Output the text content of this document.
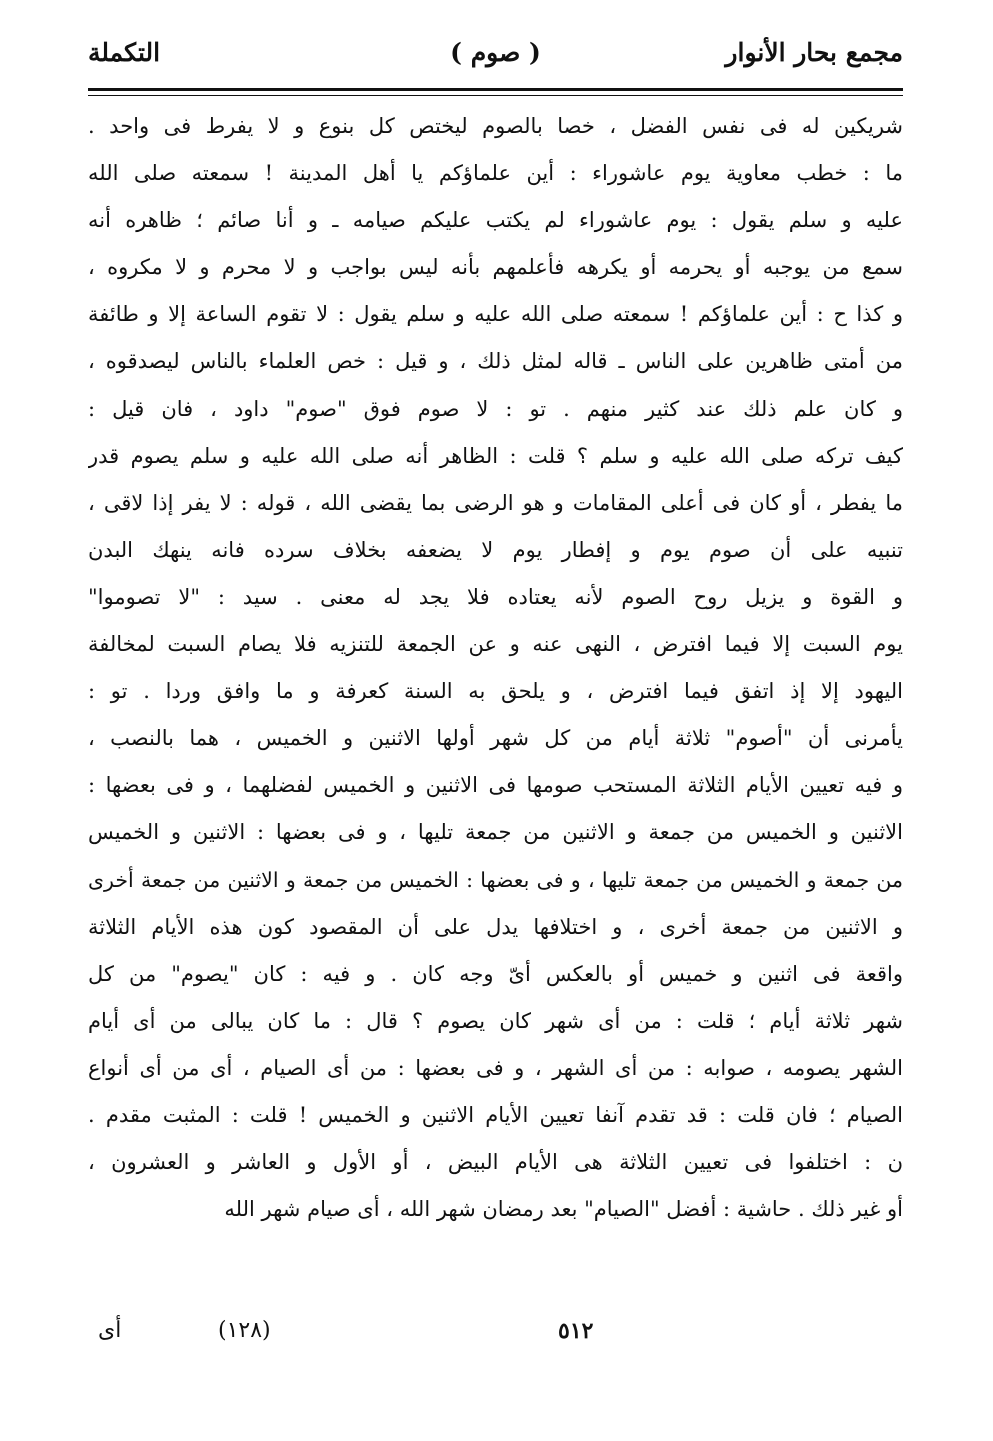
مجمع بحار الأنوار
( صوم )
التكملة
شريكين له فى نفس الفضل ، خصا بالصوم ليختص كل بنوع و لا يفرط فى واحد .
ما : خطب معاوية يوم عاشوراء : أين علماؤكم يا أهل المدينة ! سمعته صلى الله
عليه و سلم يقول : يوم عاشوراء لم يكتب عليكم صيامه ـ و أنا صائم ؛ ظاهره أنه
سمع من يوجبه أو يحرمه أو يكرهه فأعلمهم بأنه ليس بواجب و لا محرم و لا مكروه ،
و كذا ح : أين علماؤكم ! سمعته صلى الله عليه و سلم يقول : لا تقوم الساعة إلا و طائفة
من أمتى ظاهرين على الناس ـ قاله لمثل ذلك ، و قيل : خص العلماء بالناس ليصدقوه ،
و كان علم ذلك عند كثير منهم . تو : لا صوم فوق "صوم" داود ، فان قيل :
كيف تركه صلى الله عليه و سلم ؟ قلت : الظاهر أنه صلى الله عليه و سلم يصوم قدر
ما يفطر ، أو كان فى أعلى المقامات و هو الرضى بما يقضى الله ، قوله : لا يفر إذا لاقى ،
تنبيه على أن صوم يوم و إفطار يوم لا يضعفه بخلاف سرده فانه ينهك البدن
و القوة و يزيل روح الصوم لأنه يعتاده فلا يجد له معنى . سيد : "لا تصوموا"
يوم السبت إلا فيما افترض ، النهى عنه و عن الجمعة للتنزيه فلا يصام السبت لمخالفة
اليهود إلا إذ اتفق فيما افترض ، و يلحق به السنة كعرفة و ما وافق وردا . تو :
يأمرنى أن "أصوم" ثلاثة أيام من كل شهر أولها الاثنين و الخميس ، هما بالنصب ،
و فيه تعيين الأيام الثلاثة المستحب صومها فى الاثنين و الخميس لفضلهما ، و فى بعضها :
الاثنين و الخميس من جمعة و الاثنين من جمعة تليها ، و فى بعضها : الاثنين و الخميس
من جمعة و الخميس من جمعة تليها ، و فى بعضها : الخميس من جمعة و الاثنين من جمعة أخرى
و الاثنين من جمعة أخرى ، و اختلافها يدل على أن المقصود كون هذه الأيام الثلاثة
واقعة فى اثنين و خميس أو بالعكس أىّ وجه كان . و فيه : كان "يصوم" من كل
شهر ثلاثة أيام ؛ قلت : من أى شهر كان يصوم ؟ قال : ما كان يبالى من أى أيام
الشهر يصومه ، صوابه : من أى الشهر ، و فى بعضها : من أى الصيام ، أى من أى أنواع
الصيام ؛ فان قلت : قد تقدم آنفا تعيين الأيام الاثنين و الخميس ! قلت : المثبت مقدم .
ن : اختلفوا فى تعيين الثلاثة هى الأيام البيض ، أو الأول و العاشر و العشرون ،
أو غير ذلك . حاشية : أفضل "الصيام" بعد رمضان شهر الله ، أى صيام شهر الله
٥١٢
(١٢٨)
أى
